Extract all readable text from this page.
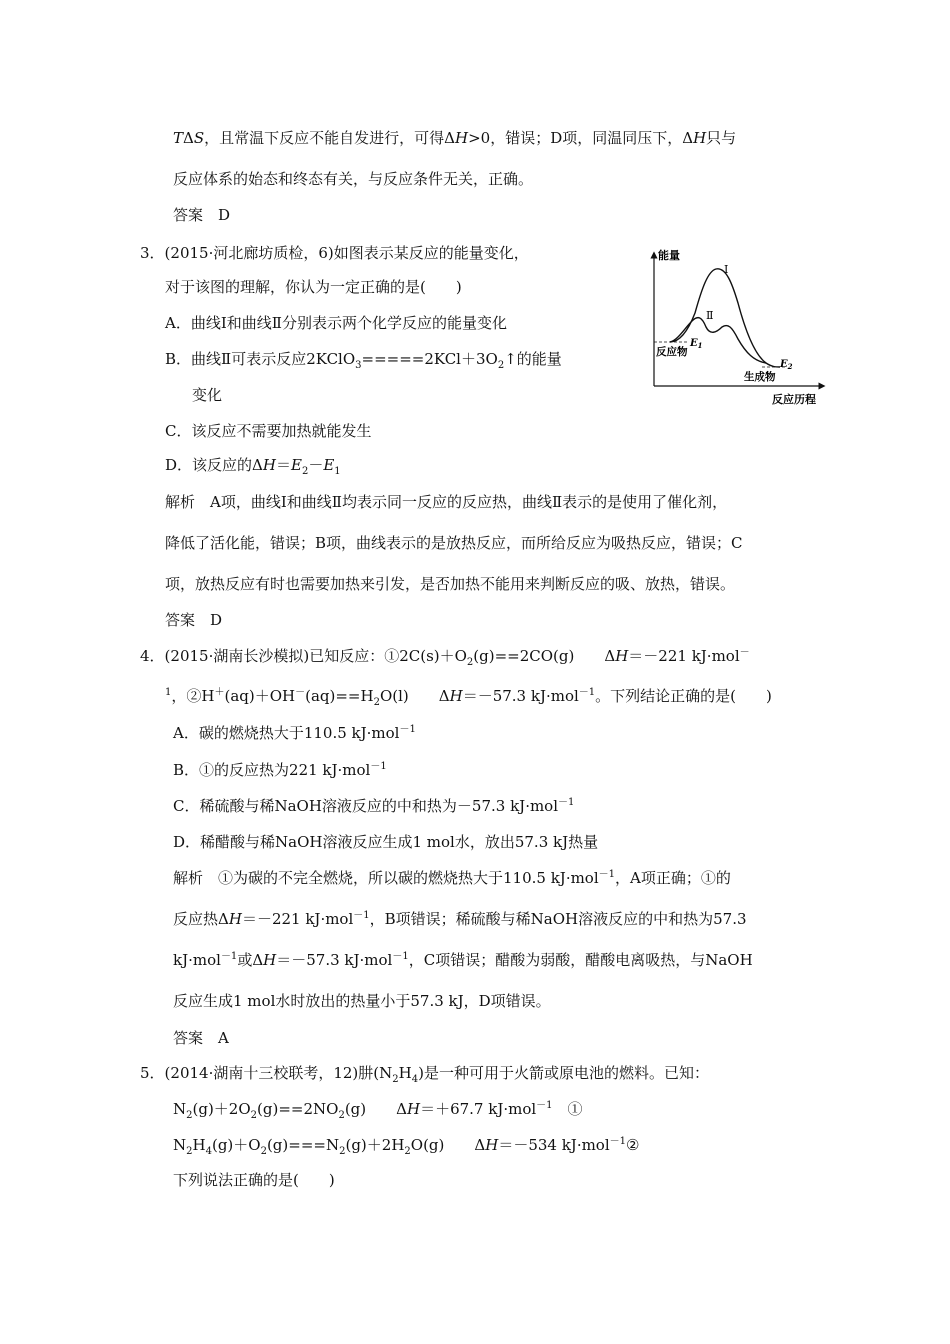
TΔS，且常温下反应不能自发进行，可得ΔH>0，错误；D项，同温同压下，ΔH只与
反应体系的始态和终态有关，与反应条件无关，正确。
答案　D
3．(2015·河北廊坊质检，6)如图表示某反应的能量变化，
对于该图的理解，你认为一定正确的是(　　)
A．曲线Ⅰ和曲线Ⅱ分别表示两个化学反应的能量变化
B．曲线Ⅱ可表示反应$2KClO_3=====2KCl+3O_2↑$的能量
变化
C．该反应不需要加热就能发生
D．该反应的$\Delta H=E_2-E_1$
解析　A项，曲线Ⅰ和曲线Ⅱ均表示同一反应的反应热，曲线Ⅱ表示的是使用了催化剂，
降低了活化能，错误；B项，曲线表示的是放热反应，而所给反应为吸热反应，错误；C
项，放热反应有时也需要加热来引发，是否加热不能用来判断反应的吸、放热，错误。
答案　D
能量
反应历程
Ⅰ
Ⅱ
反应物
$E_1$
$E_2$
生成物
4．(2015·湖南长沙模拟)已知反应：$①2C(s)+O_2(g)==2CO(g)$　　ΔH＝－221 kJ·mol－
$^1$，$②H^+(aq)+OH^-(aq)==H_2O(l)$　　ΔH＝－57.3 kJ·mol$^{-1}$。下列结论正确的是(　　)
A．碳的燃烧热大于110.5 kJ·mol$^{-1}$
B．①的反应热为221 kJ·mol$^{-1}$
C．稀硫酸与稀NaOH溶液反应的中和热为－57.3 kJ·mol$^{-1}$
D．稀醋酸与稀NaOH溶液反应生成1 mol水，放出57.3 kJ热量
解析　①为碳的不完全燃烧，所以碳的燃烧热大于110.5 kJ·mol$^{-1}$，A项正确；①的
反应热ΔH＝－221 kJ·mol$^{-1}$，B项错误；稀硫酸与稀NaOH溶液反应的中和热为57.3
kJ·mol$^{-1}$或ΔH＝－57.3 kJ·mol$^{-1}$，C项错误；醋酸为弱酸，醋酸电离吸热，与NaOH
反应生成1 mol水时放出的热量小于57.3 kJ，D项错误。
答案　A
5．(2014·湖南十三校联考，12)肼$(N_2H_4)$是一种可用于火箭或原电池的燃料。已知：
$N_2(g)+2O_2(g)==2NO_2(g)$　　ΔH＝＋67.7 kJ·mol$^{-1}$　①
$N_2H_4(g)+O_2(g)===N_2(g)+2H_2O(g)$　　ΔH＝－534 kJ·mol$^{-1}$②
下列说法正确的是(　　)
